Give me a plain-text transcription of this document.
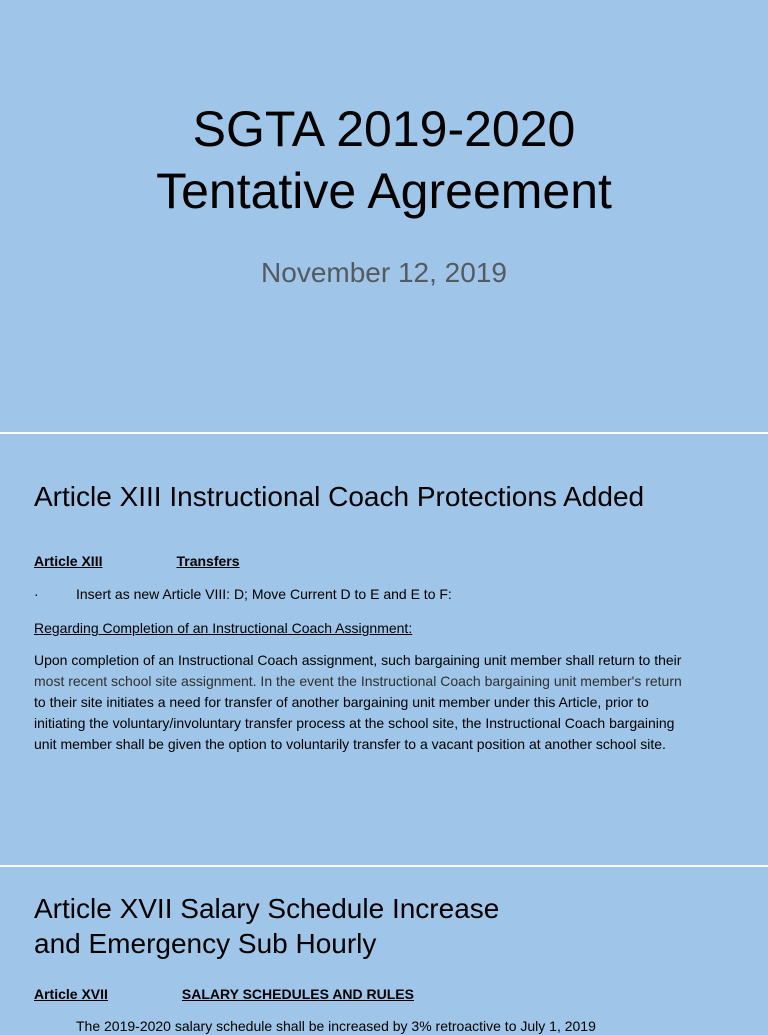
SGTA 2019-2020
Tentative Agreement
November 12, 2019
Article XIII Instructional Coach Protections Added
Article XIII	Transfers
·	Insert as new Article VIII: D; Move Current D to E and E to F:
Regarding Completion of an Instructional Coach Assignment:
Upon completion of an Instructional Coach assignment, such bargaining unit member shall return to their
most recent school site assignment. In the event the Instructional Coach bargaining unit member's return
to their site initiates a need for transfer of another bargaining unit member under this Article, prior to
initiating the voluntary/involuntary transfer process at the school site, the Instructional Coach bargaining
unit member shall be given the option to voluntarily transfer to a vacant position at another school site.
Article XVII Salary Schedule Increase
and Emergency Sub Hourly
Article XVII	SALARY SCHEDULES AND RULES
The 2019-2020 salary schedule shall be increased by 3% retroactive to July 1, 2019
